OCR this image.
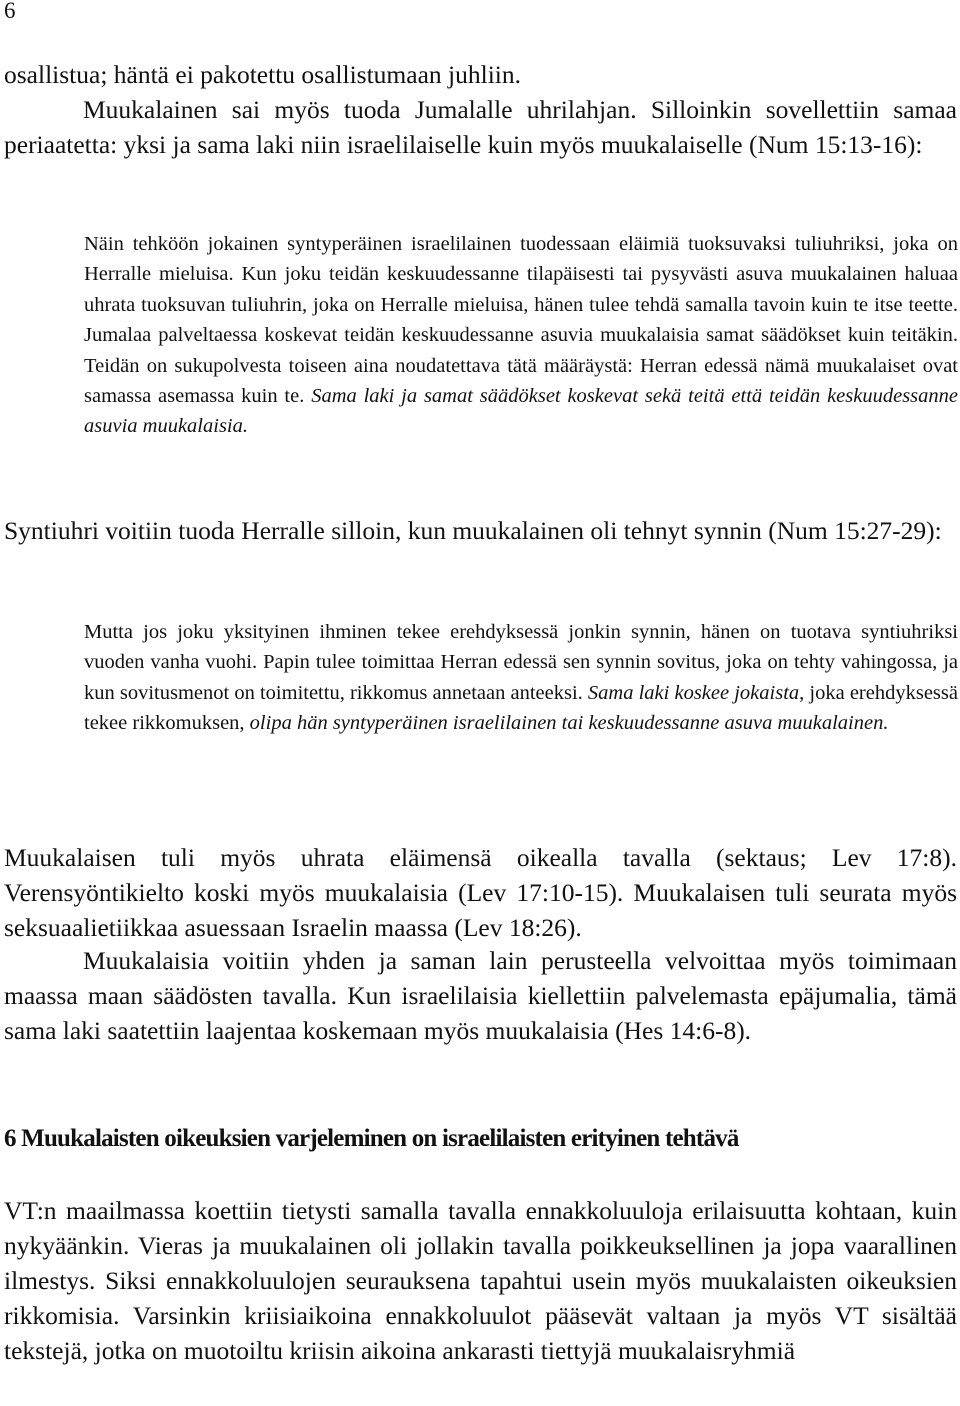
6

osallistua; häntä ei pakotettu osallistumaan juhliin.

Muukalainen sai myös tuoda Jumalalle uhrilahjan. Silloinkin sovellettiin samaa periaatetta: yksi ja sama laki niin israelilaiselle kuin myös muukalaiselle (Num 15:13-16):

Näin tehköön jokainen syntyperäinen israelilainen tuodessaan eläimiä tuoksuvaksi tuliuhriksi, joka on Herralle mieluisa. Kun joku teidän keskuudessanne tilapäisesti tai pysyvästi asuva muukalainen haluaa uhrata tuoksuvan tuliuhrin, joka on Herralle mieluisa, hänen tulee tehdä samalla tavoin kuin te itse teette. Jumalaa palveltaessa koskevat teidän keskuudessanne asuvia muukalaisia samat säädökset kuin teitäkin. Teidän on sukupolvesta toiseen aina noudatettava tätä määräystä: Herran edessä nämä muukalaiset ovat samassa asemassa kuin te. Sama laki ja samat säädökset koskevat sekä teitä että teidän keskuudessanne asuvia muukalaisia.

Syntiuhri voitiin tuoda Herralle silloin, kun muukalainen oli tehnyt synnin (Num 15:27-29):

Mutta jos joku yksityinen ihminen tekee erehdyksessä jonkin synnin, hänen on tuotava syntiuhriksi vuoden vanha vuohi. Papin tulee toimittaa Herran edessä sen synnin sovitus, joka on tehty vahingossa, ja kun sovitusmenot on toimitettu, rikkomus annetaan anteeksi. Sama laki koskee jokaista, joka erehdyksessä tekee rikkomuksen, olipa hän syntyperäinen israelilainen tai keskuudessanne asuva muukalainen.

Muukalaisen tuli myös uhrata eläimensä oikealla tavalla (sektaus; Lev 17:8). Verensyöntikielto koski myös muukalaisia (Lev 17:10-15). Muukalaisen tuli seurata myös seksuaalietiikkaa asuessaan Israelin maassa (Lev 18:26).

Muukalaisia voitiin yhden ja saman lain perusteella velvoittaa myös toimimaan maassa maan säädösten tavalla. Kun israelilaisia kiellettiin palvelemasta epäjumalia, tämä sama laki saatettiin laajentaa koskemaan myös muukalaisia (Hes 14:6-8).

6 Muukalaisten oikeuksien varjeleminen on israelilaisten erityinen tehtävä

VT:n maailmassa koettiin tietysti samalla tavalla ennakkoluuloja erilaisuutta kohtaan, kuin nykyäänkin. Vieras ja muukalainen oli jollakin tavalla poikkeuksellinen ja jopa vaarallinen ilmestys. Siksi ennakkoluulojen seurauksena tapahtui usein myös muukalaisten oikeuksien rikkomisia. Varsinkin kriisiaikoina ennakkoluulot pääsevät valtaan ja myös VT sisältää tekstejä, jotka on muotoiltu kriisin aikoina ankarasti tiettyjä muukalaisryhmiä
